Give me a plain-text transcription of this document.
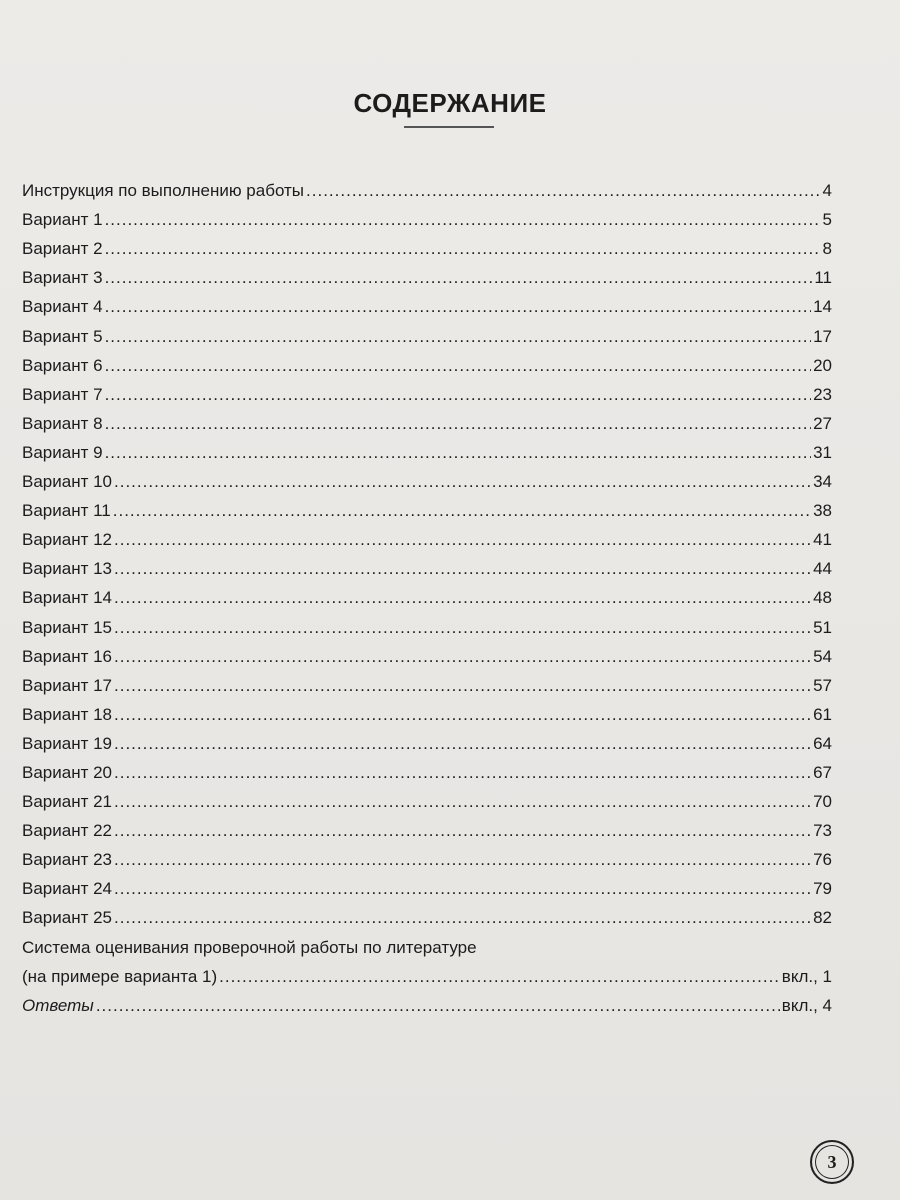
СОДЕРЖАНИЕ
Инструкция по выполнению работы .....	4
Вариант 1 .....	5
Вариант 2 .....	8
Вариант 3 .....	11
Вариант 4 .....	14
Вариант 5 .....	17
Вариант 6 .....	20
Вариант 7 .....	23
Вариант 8 .....	27
Вариант 9 .....	31
Вариант 10 .....	34
Вариант 11 .....	38
Вариант 12 .....	41
Вариант 13 .....	44
Вариант 14 .....	48
Вариант 15 .....	51
Вариант 16 .....	54
Вариант 17 .....	57
Вариант 18 .....	61
Вариант 19 .....	64
Вариант 20 .....	67
Вариант 21 .....	70
Вариант 22 .....	73
Вариант 23 .....	76
Вариант 24 .....	79
Вариант 25 .....	82
Система оценивания проверочной работы по литературе
(на примере варианта 1) .....	вкл., 1
Ответы .....	вкл., 4
3
